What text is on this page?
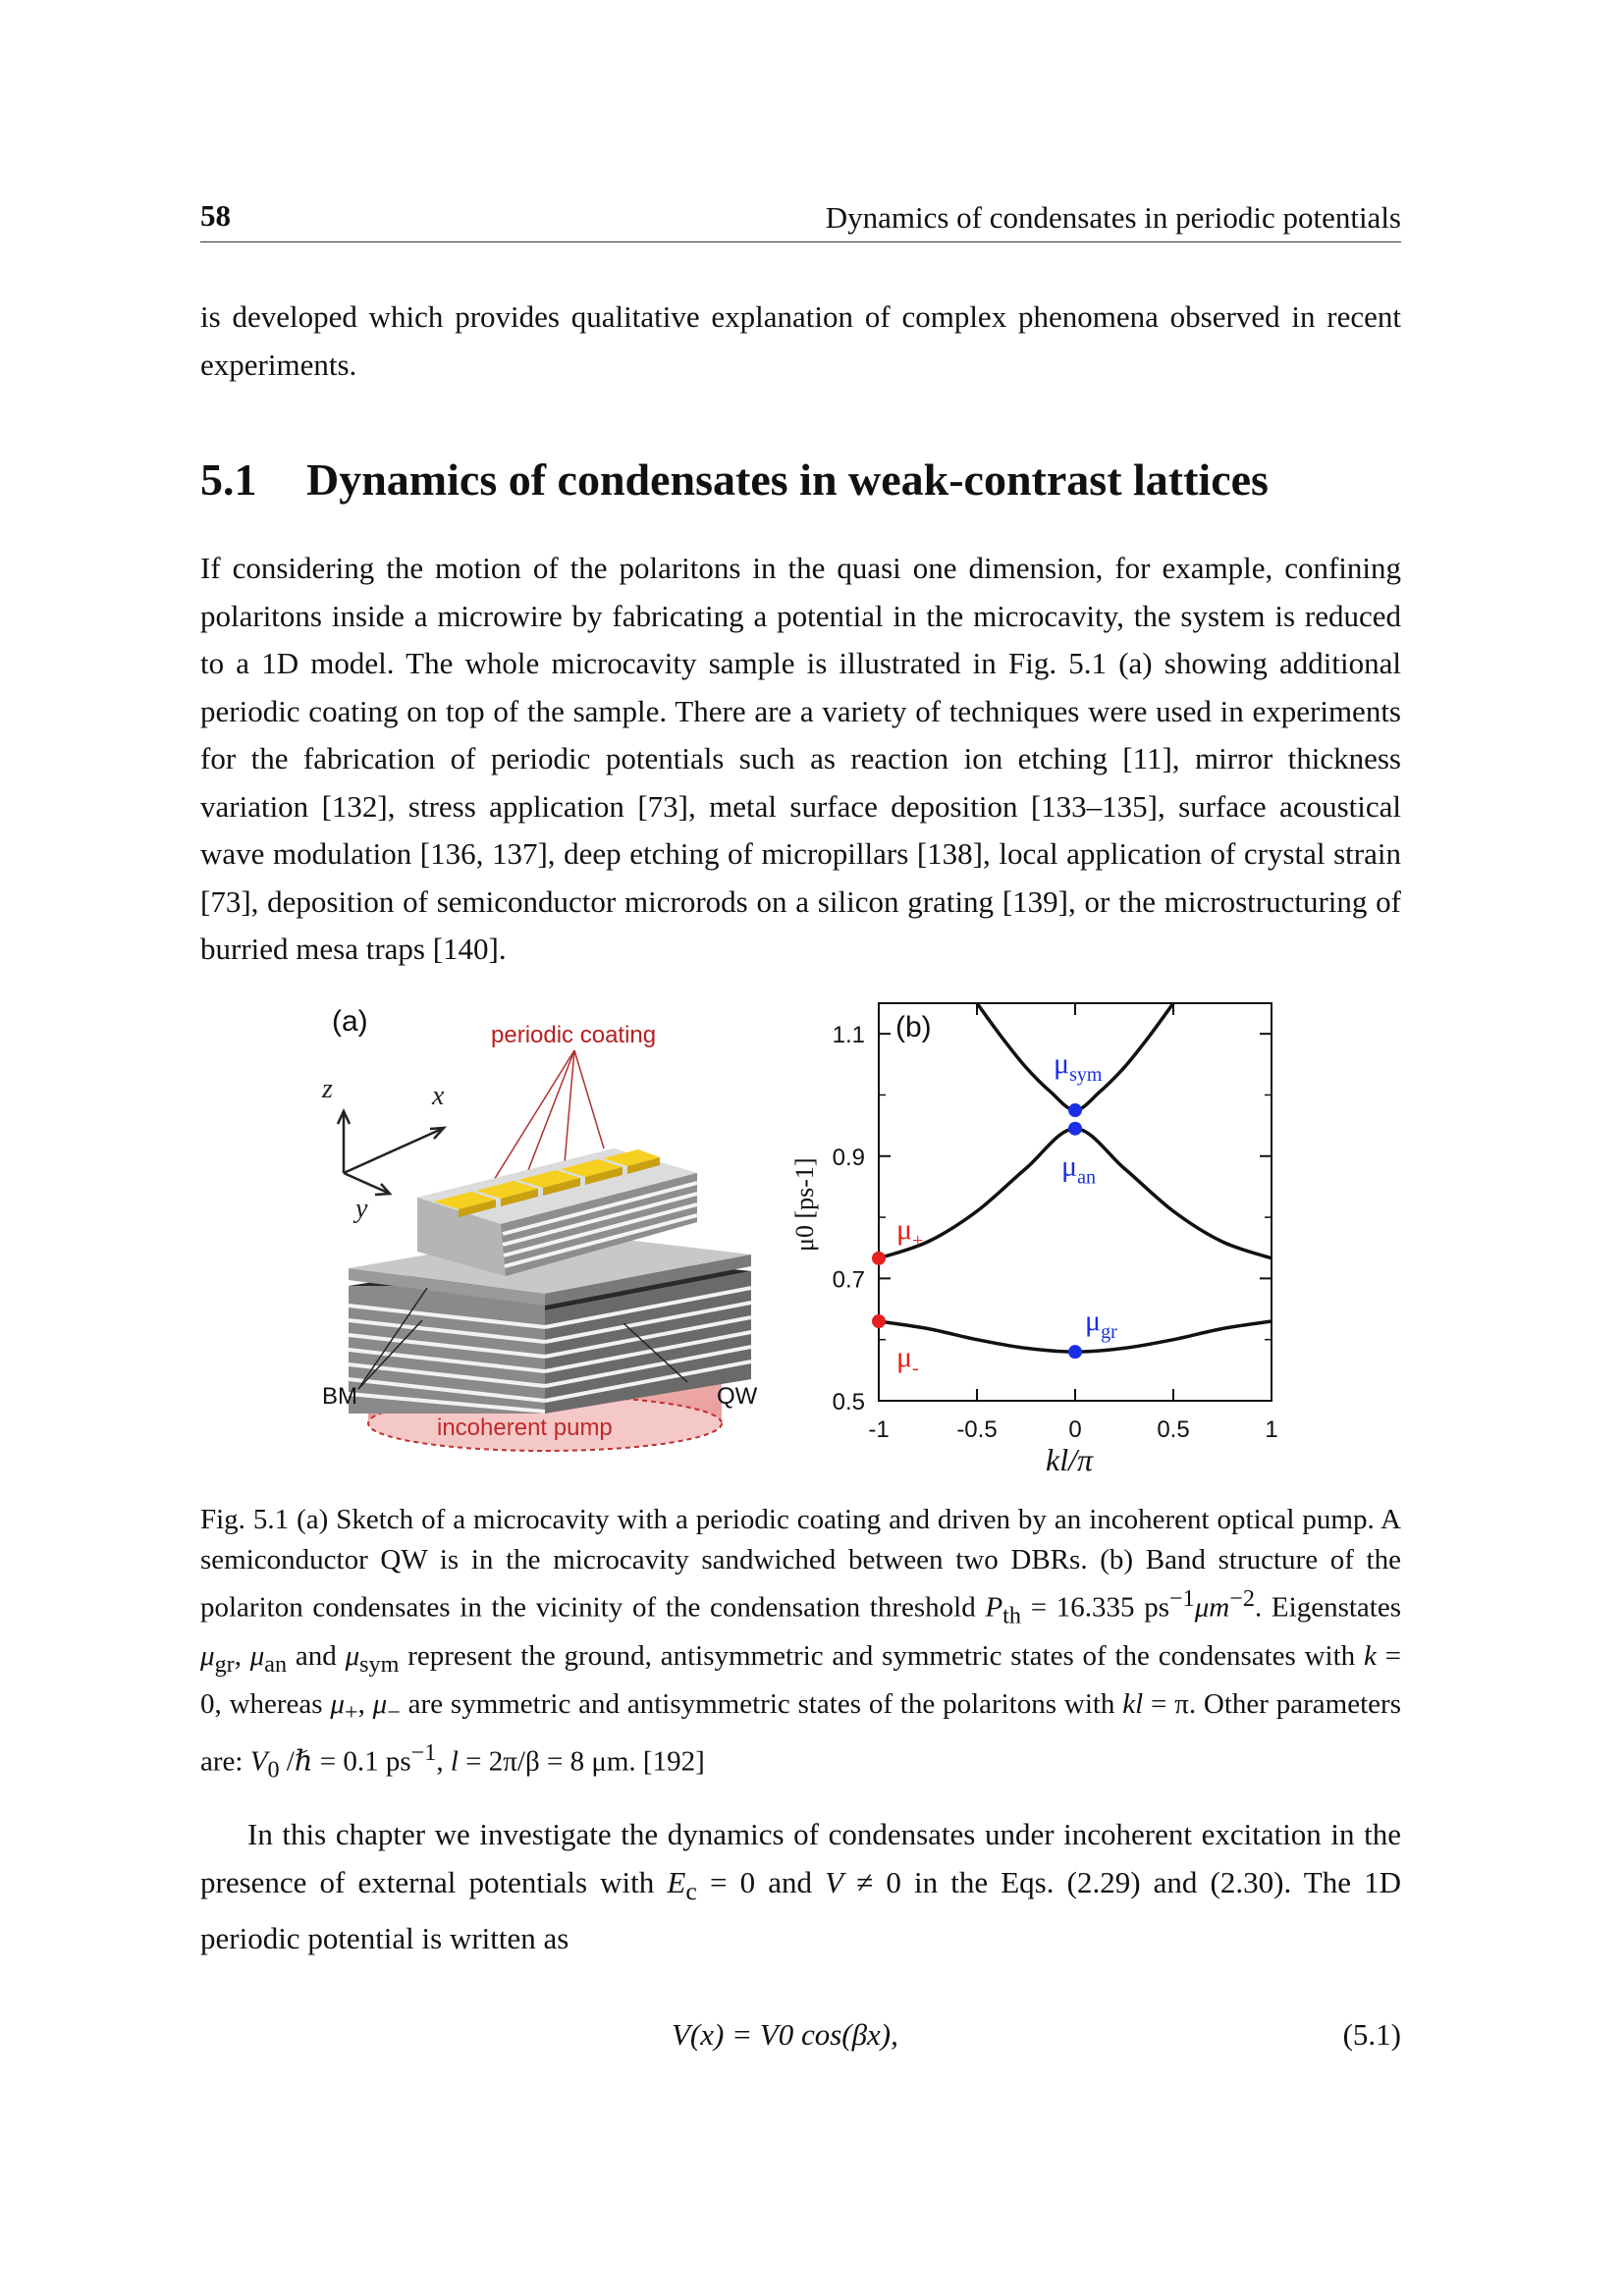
58	Dynamics of condensates in periodic potentials

is developed which provides qualitative explanation of complex phenomena observed in recent experiments.

5.1 Dynamics of condensates in weak-contrast lattices

If considering the motion of the polaritons in the quasi one dimension, for example, confining polaritons inside a microwire by fabricating a potential in the microcavity, the system is reduced to a 1D model. The whole microcavity sample is illustrated in Fig. 5.1 (a) showing additional periodic coating on top of the sample. There are a variety of techniques were used in experiments for the fabrication of periodic potentials such as reaction ion etching [11], mirror thickness variation [132], stress application [73], metal surface deposition [133–135], surface acoustical wave modulation [136, 137], deep etching of micropillars [138], local application of crystal strain [73], deposition of semiconductor microrods on a silicon grating [139], or the microstructuring of burried mesa traps [140].

(a)	periodic coating
z	x
y
incoherent pump
BM	QW	0.5
0.7
0.9
1.1
-1	-0.5	0	0.5	1
$\mu_{sym}$
$\mu_{an}$
$\mu_{gr}$
$\mu_+$
$\mu_-$
(b)
kl/π
μ0 [ps-1]
Fig. 5.1 (a) Sketch of a microcavity with a periodic coating and driven by an incoherent optical pump. A semiconductor QW is in the microcavity sandwiched between two DBRs. (b) Band structure of the polariton condensates in the vicinity of the condensation threshold $P_{th} = 16.335$ $ps^{-1}\mu m^{-2}$. Eigenstates $\mu_{gr}$, $\mu_{an}$ and $\mu_{sym}$ represent the ground, antisymmetric and symmetric states of the condensates with k = 0, whereas $\mu_+$, $\mu_-$ are symmetric and antisymmetric states of the polaritons with kl = π. Other parameters are: $V_0$ /ℏ = 0.1 $ps^{-1}$, l = 2π/β = 8 μm. [192]

In this chapter we investigate the dynamics of condensates under incoherent excitation in the presence of external potentials with $E_c = 0$ and V ≠ 0 in the Eqs. (2.29) and (2.30). The 1D periodic potential is written as

V(x) = V0 cos(βx),	(5.1)
